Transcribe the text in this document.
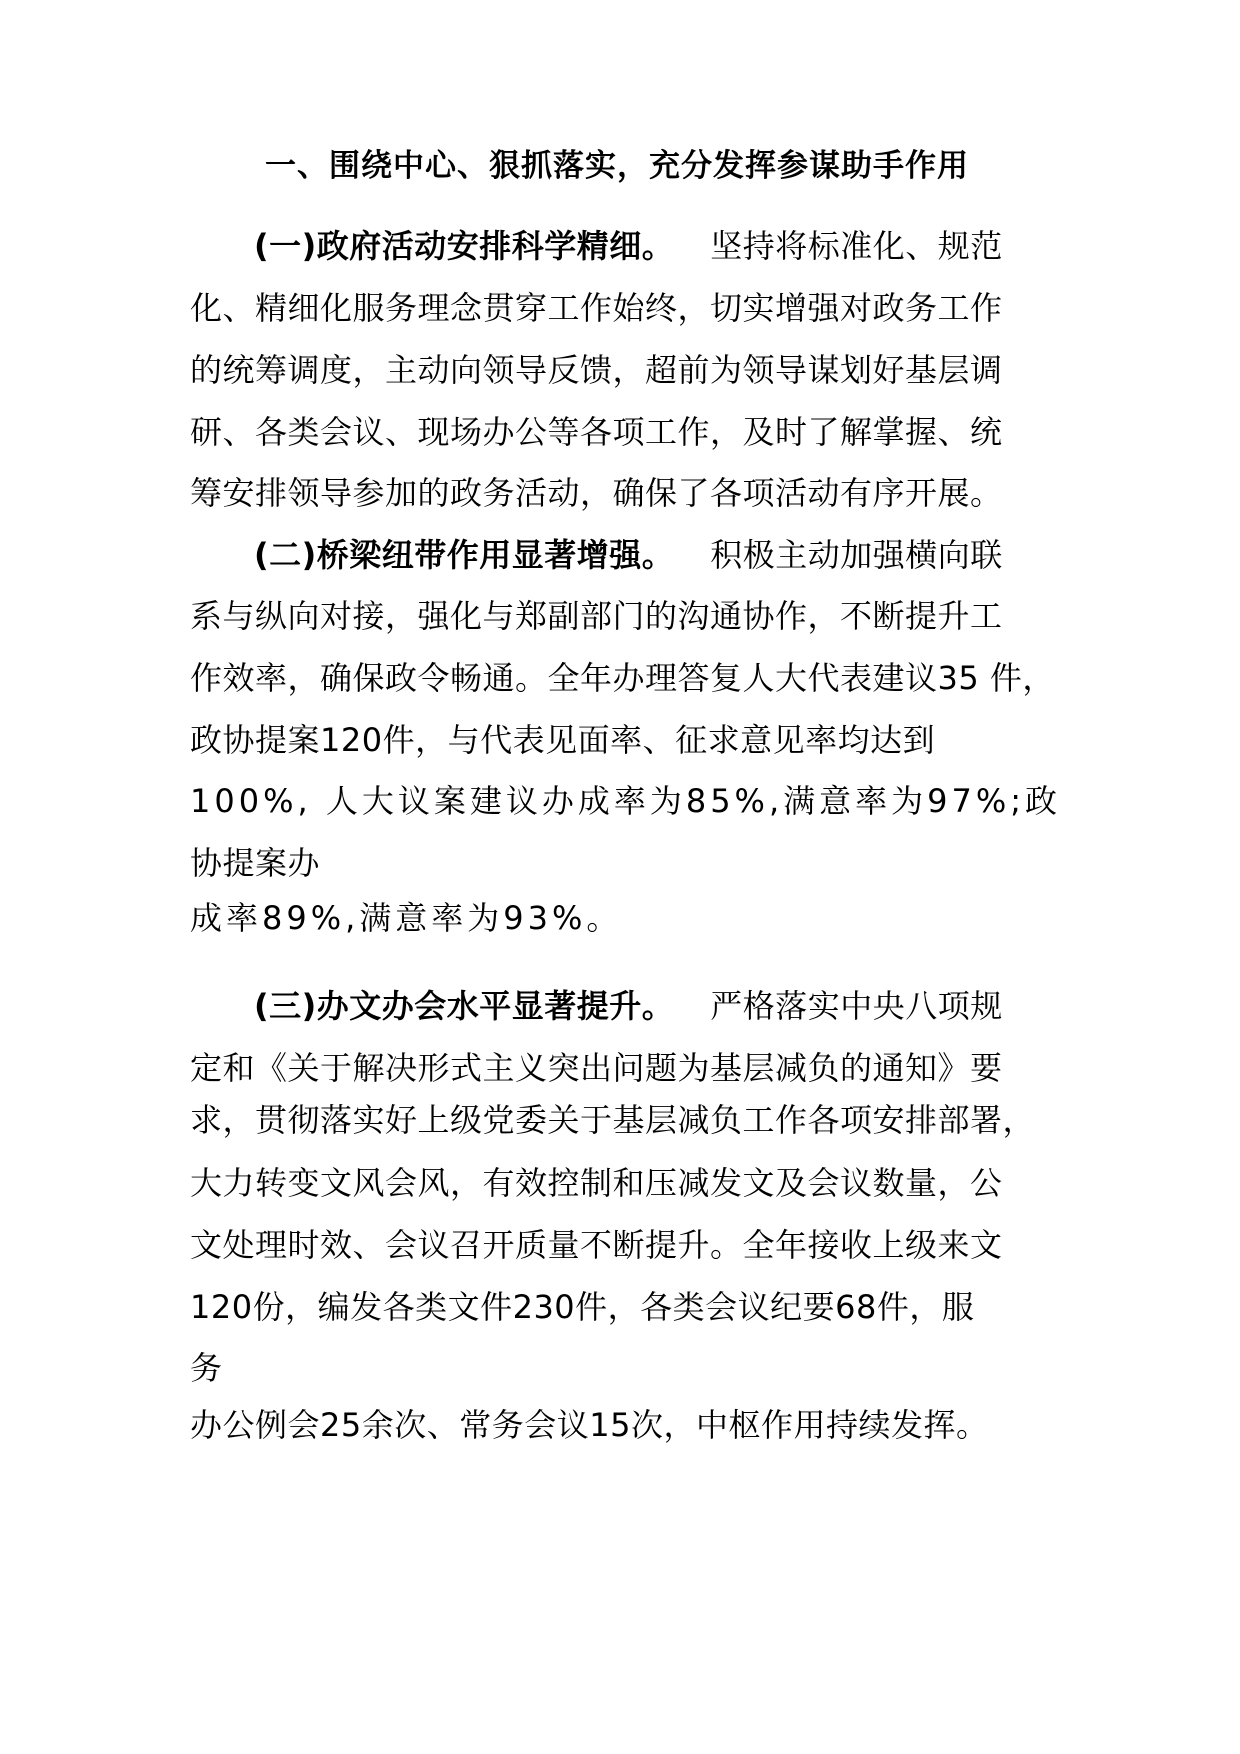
一、围绕中心、狠抓落实，充分发挥参谋助手作用
(一)政府活动安排科学精细。 坚持将标准化、规范
化、精细化服务理念贯穿工作始终，切实增强对政务工作
的统筹调度，主动向领导反馈，超前为领导谋划好基层调
研、各类会议、现场办公等各项工作，及时了解掌握、统
筹安排领导参加的政务活动，确保了各项活动有序开展。
(二)桥梁纽带作用显著增强。 积极主动加强横向联
系与纵向对接，强化与郑副部门的沟通协作，不断提升工
作效率，确保政令畅通。全年办理答复人大代表建议35 件，
政协提案120件，与代表见面率、征求意见率均达到
100%, 人大议案建议办成率为85%,满意率为97%;政
协提案办
成率89%,满意率为93%。
(三)办文办会水平显著提升。 严格落实中央八项规
定和《关于解决形式主义突出问题为基层减负的通知》要
求，贯彻落实好上级党委关于基层减负工作各项安排部署，
大力转变文风会风，有效控制和压减发文及会议数量，公
文处理时效、会议召开质量不断提升。全年接收上级来文
120份，编发各类文件230件，各类会议纪要68件，服
务
办公例会25余次、常务会议15次，中枢作用持续发挥。
